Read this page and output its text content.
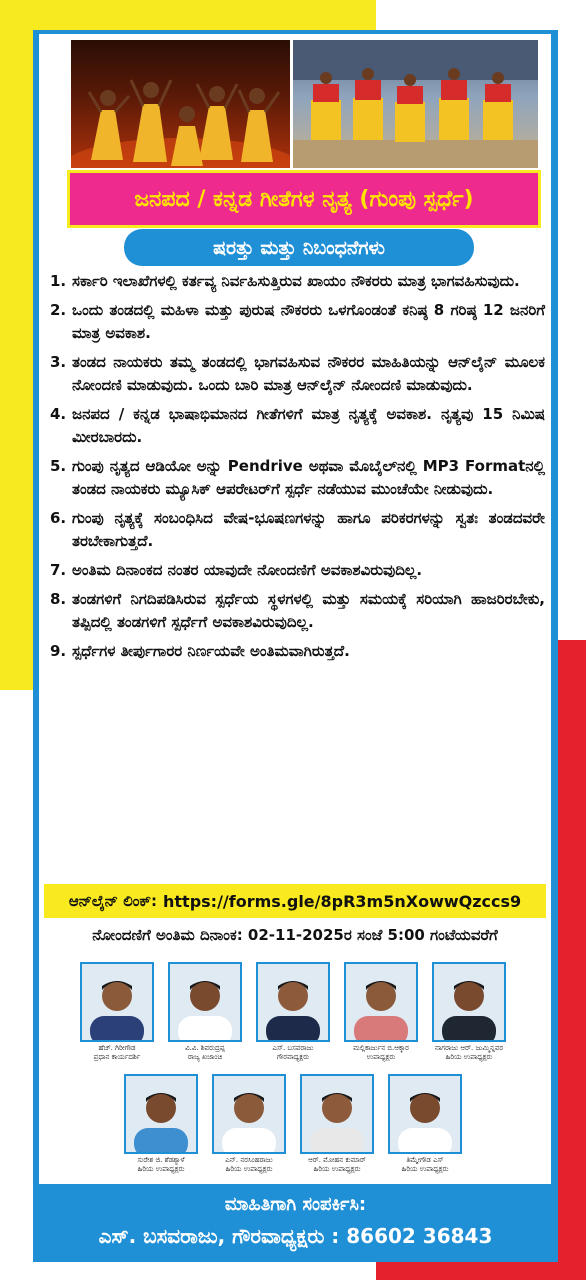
ಜನಪದ / ಕನ್ನಡ ಗೀತೆಗಳ ನೃತ್ಯ (ಗುಂಪು ಸ್ಪರ್ಧೆ)
ಷರತ್ತು ಮತ್ತು ನಿಬಂಧನೆಗಳು
1. ಸರ್ಕಾರಿ ಇಲಾಖೆಗಳಲ್ಲಿ ಕರ್ತವ್ಯ ನಿರ್ವಹಿಸುತ್ತಿರುವ ಖಾಯಂ ನೌಕರರು ಮಾತ್ರ ಭಾಗವಹಿಸುವುದು.
2. ಒಂದು ತಂಡದಲ್ಲಿ ಮಹಿಳಾ ಮತ್ತು ಪುರುಷ ನೌಕರರು ಒಳಗೊಂಡಂತೆ ಕನಿಷ್ಠ 8 ಗರಿಷ್ಠ 12 ಜನರಿಗೆ ಮಾತ್ರ ಅವಕಾಶ.
3. ತಂಡದ ನಾಯಕರು ತಮ್ಮ ತಂಡದಲ್ಲಿ ಭಾಗವಹಿಸುವ ನೌಕರರ ಮಾಹಿತಿಯನ್ನು ಆನ್‌ಲೈನ್ ಮೂಲಕ ನೋಂದಣಿ ಮಾಡುವುದು. ಒಂದು ಬಾರಿ ಮಾತ್ರ ಆನ್‌ಲೈನ್ ನೋಂದಣಿ ಮಾಡುವುದು.
4. ಜನಪದ / ಕನ್ನಡ ಭಾಷಾಭಿಮಾನದ ಗೀತೆಗಳಿಗೆ ಮಾತ್ರ ನೃತ್ಯಕ್ಕೆ ಅವಕಾಶ. ನೃತ್ಯವು 15 ನಿಮಿಷ ಮೀರಬಾರದು.
5. ಗುಂಪು ನೃತ್ಯದ ಆಡಿಯೋ ಅನ್ನು Pendrive ಅಥವಾ ಮೊಬೈಲ್‌ನಲ್ಲಿ MP3 Formatನಲ್ಲಿ ತಂಡದ ನಾಯಕರು ಮ್ಯೂಸಿಕ್ ಆಪರೇಟರ್‌ಗೆ ಸ್ಪರ್ಧೆ ನಡೆಯುವ ಮುಂಚೆಯೇ ನೀಡುವುದು.
6. ಗುಂಪು ನೃತ್ಯಕ್ಕೆ ಸಂಬಂಧಿಸಿದ ವೇಷ-ಭೂಷಣಗಳನ್ನು ಹಾಗೂ ಪರಿಕರಗಳನ್ನು ಸ್ವತಃ ತಂಡದವರೇ ತರಬೇಕಾಗುತ್ತದೆ.
7. ಅಂತಿಮ ದಿನಾಂಕದ ನಂತರ ಯಾವುದೇ ನೋಂದಣಿಗೆ ಅವಕಾಶವಿರುವುದಿಲ್ಲ.
8. ತಂಡಗಳಿಗೆ ನಿಗದಿಪಡಿಸಿರುವ ಸ್ಪರ್ಧೆಯ ಸ್ಥಳಗಳಲ್ಲಿ ಮತ್ತು ಸಮಯಕ್ಕೆ ಸರಿಯಾಗಿ ಹಾಜರಿರಬೇಕು, ತಪ್ಪಿದಲ್ಲಿ ತಂಡಗಳಿಗೆ ಸ್ಪರ್ಧೆಗೆ ಅವಕಾಶವಿರುವುದಿಲ್ಲ.
9. ಸ್ಪರ್ಧೆಗಳ ತೀರ್ಪುಗಾರರ ನಿರ್ಣಯವೇ ಅಂತಿಮವಾಗಿರುತ್ತದೆ.
ಆನ್‌ಲೈನ್ ಲಿಂಕ್: https://forms.gle/8pR3m5nXowwQzccs9
ನೋಂದಣಿಗೆ ಅಂತಿಮ ದಿನಾಂಕ: 02-11-2025ರ ಸಂಜೆ 5:00 ಗಂಟೆಯವರೆಗೆ
ಹೆಚ್. ಗಿರೀಗೌಡ
ಪ್ರಧಾನ ಕಾರ್ಯದರ್ಶಿ
ವಿ.ವಿ. ಶಿವರುದ್ರಪ್ಪ
ರಾಜ್ಯ ಖಜಾಂಚಿ
ಎಸ್. ಬಸವರಾಜು
ಗೌರವಾಧ್ಯಕ್ಷರು
ಮಲ್ಲಿಕಾರ್ಜುನ ಬಿ.ಆಕ್ಕಾರ
ಉಪಾಧ್ಯಕ್ಷರು
ನಾಗರಾಜು ಆರ್. ಜುಮ್ಮಿನ್ನವರ
ಹಿರಿಯ ಉಪಾಧ್ಯಕ್ಷರು
ಸುರೇಶ ಜಿ. ಶೆಡಶ್ಯಾಳೆ
ಹಿರಿಯ ಉಪಾಧ್ಯಕ್ಷರು
ಎನ್. ನರಸಿಂಹರಾಜು
ಹಿರಿಯ ಉಪಾಧ್ಯಕ್ಷರು
ಆರ್. ಮೋಹನ ಕುಮಾರ್
ಹಿರಿಯ ಉಪಾಧ್ಯಕ್ಷರು
ತಿಮ್ಮೇಗೌಡ ಎಸ್
ಹಿರಿಯ ಉಪಾಧ್ಯಕ್ಷರು
ಮಾಹಿತಿಗಾಗಿ ಸಂಪರ್ಕಿಸಿ:
ಎಸ್. ಬಸವರಾಜು, ಗೌರವಾಧ್ಯಕ್ಷರು : 86602 36843
